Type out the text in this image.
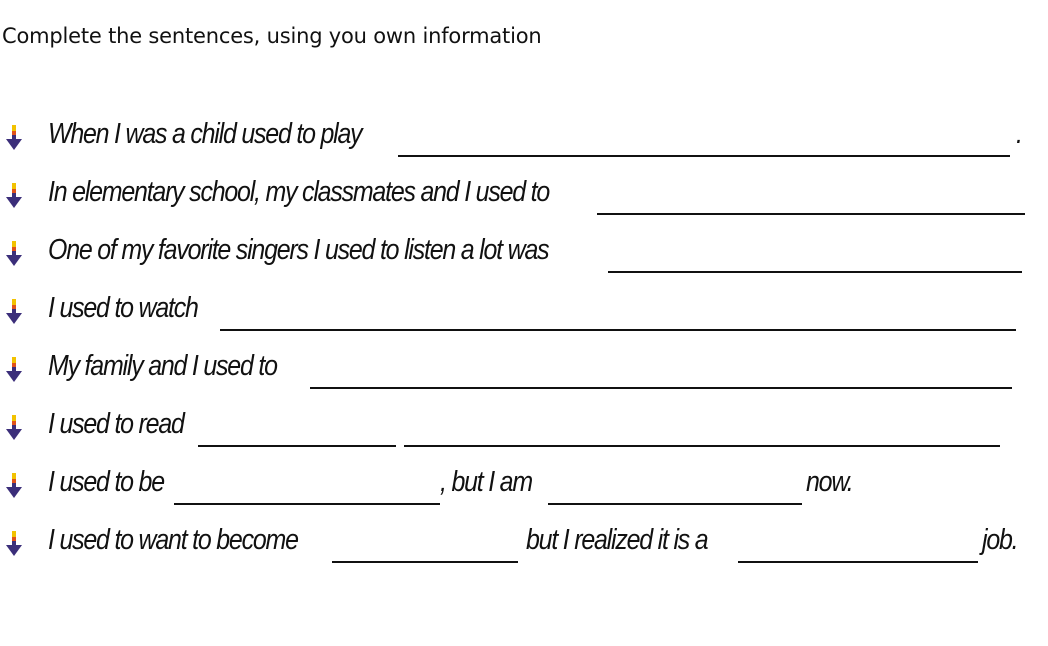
Complete the sentences, using you own information
When I was a child used to play	.
In elementary school, my classmates and I used to
One of my favorite singers I used to listen a lot was
I used to watch
My family and I used to
I used to read
I used to be	, but I am	now.
I used to want to become	but I realized it is a	job.
